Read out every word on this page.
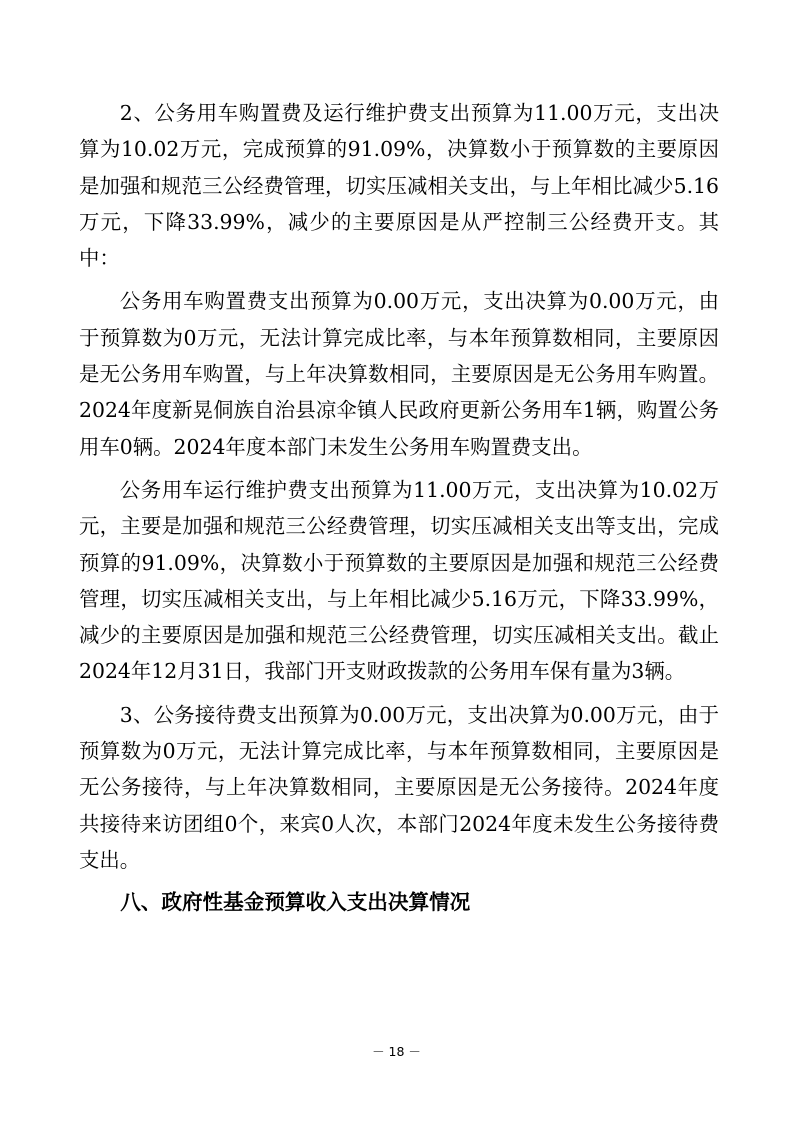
2、公务用车购置费及运行维护费支出预算为11.00万元，支出决算为10.02万元，完成预算的91.09%，决算数小于预算数的主要原因是加强和规范三公经费管理，切实压减相关支出，与上年相比减少5.16万元，下降33.99%，减少的主要原因是从严控制三公经费开支。其中：

公务用车购置费支出预算为0.00万元，支出决算为0.00万元，由于预算数为0万元，无法计算完成比率，与本年预算数相同，主要原因是无公务用车购置，与上年决算数相同，主要原因是无公务用车购置。2024年度新晃侗族自治县凉伞镇人民政府更新公务用车1辆，购置公务用车0辆。2024年度本部门未发生公务用车购置费支出。

公务用车运行维护费支出预算为11.00万元，支出决算为10.02万元，主要是加强和规范三公经费管理，切实压减相关支出等支出，完成预算的91.09%，决算数小于预算数的主要原因是加强和规范三公经费管理，切实压减相关支出，与上年相比减少5.16万元，下降33.99%，减少的主要原因是加强和规范三公经费管理，切实压减相关支出。截止2024年12月31日，我部门开支财政拨款的公务用车保有量为3辆。

3、公务接待费支出预算为0.00万元，支出决算为0.00万元，由于预算数为0万元，无法计算完成比率，与本年预算数相同，主要原因是无公务接待，与上年决算数相同，主要原因是无公务接待。2024年度共接待来访团组0个，来宾0人次，本部门2024年度未发生公务接待费支出。

八、政府性基金预算收入支出决算情况

－ 18 －
